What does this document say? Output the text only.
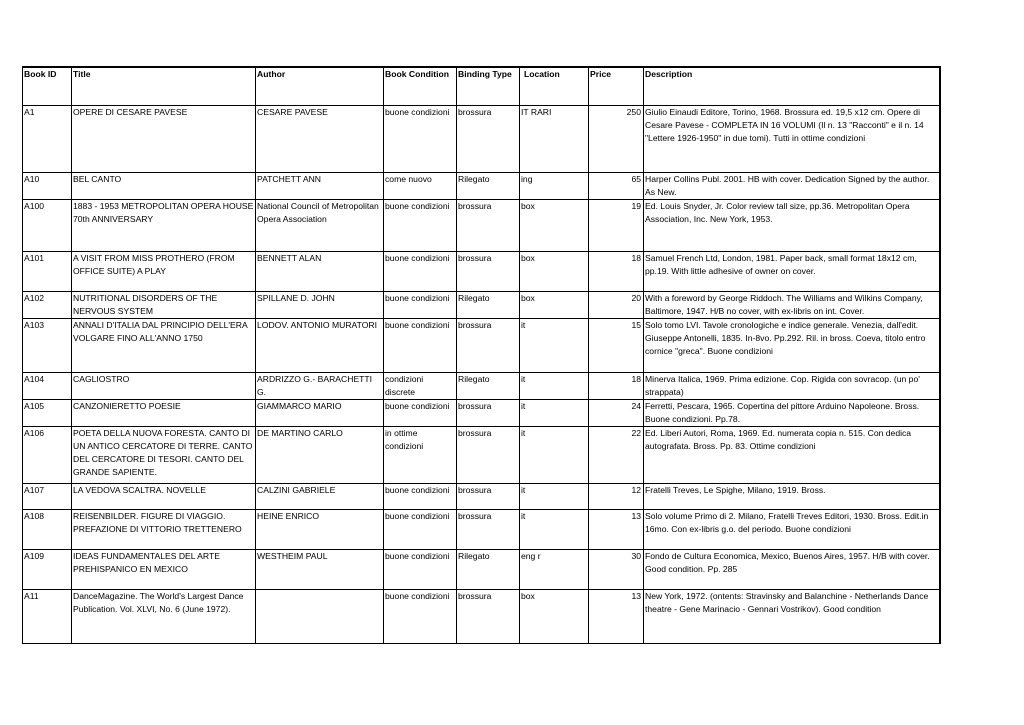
Book ID	Title	Author	Book Condition	Binding Type	Location	Price	Description
A1	OPERE DI CESARE PAVESE	CESARE PAVESE	buone condizioni	brossura	IT RARI	250	Giulio Einaudi Editore, Torino, 1968. Brossura ed. 19,5 x12 cm. Opere di Cesare Pavese - COMPLETA IN 16 VOLUMI (Il n. 13 "Racconti" e il n. 14 "Lettere 1926-1950" in due tomi). Tutti in ottime condizioni
A10	BEL CANTO	PATCHETT ANN	come nuovo	Rilegato	ing	65	Harper Collins Publ. 2001. HB with cover. Dedication Signed by the author. As New.
A100	1883 - 1953 METROPOLITAN OPERA HOUSE 70th ANNIVERSARY	National Council of Metropolitan Opera Association	buone condizioni	brossura	box	19	Ed. Louis Snyder, Jr. Color review tall size, pp.36. Metropolitan Opera Association, Inc. New York, 1953.
A101	A VISIT FROM MISS PROTHERO (FROM OFFICE SUITE) A PLAY	BENNETT ALAN	buone condizioni	brossura	box	18	Samuel French Ltd, London, 1981. Paper back, small format 18x12 cm, pp.19. With little adhesive of owner on cover.
A102	NUTRITIONAL DISORDERS OF THE NERVOUS SYSTEM	SPILLANE D. JOHN	buone condizioni	Rilegato	box	20	With a foreword by George Riddoch. The Williams and Wilkins Company, Baltimore, 1947. H/B no cover, with ex-libris on int. Cover.
A103	ANNALI D'ITALIA DAL PRINCIPIO DELL'ERA VOLGARE FINO ALL'ANNO 1750	LODOV. ANTONIO MURATORI	buone condizioni	brossura	it	15	Solo tomo LVI. Tavole cronologiche e indice generale. Venezia, dall'edit. Giuseppe Antonelli, 1835. In-8vo. Pp.292. Ril. in bross. Coeva, titolo entro cornice "greca". Buone condizioni
A104	CAGLIOSTRO	ARDRIZZO G.- BARACHETTI G.	condizioni discrete	Rilegato	it	18	Minerva Italica, 1969. Prima edizione. Cop. Rigida con sovracop. (un po' strappata)
A105	CANZONIERETTO POESIE	GIAMMARCO MARIO	buone condizioni	brossura	it	24	Ferretti, Pescara, 1965. Copertina del pittore Arduino Napoleone. Bross. Buone condizioni. Pp.78.
A106	POETA DELLA NUOVA FORESTA. CANTO DI UN ANTICO CERCATORE DI TERRE. CANTO DEL CERCATORE DI TESORI. CANTO DEL GRANDE SAPIENTE.	DE MARTINO CARLO	in ottime condizioni	brossura	it	22	Ed. Liberi Autori, Roma, 1969. Ed. numerata copia n. 515. Con dedica autografata. Bross. Pp. 83. Ottime condizioni
A107	LA VEDOVA SCALTRA. NOVELLE	CALZINI GABRIELE	buone condizioni	brossura	it	12	Fratelli Treves, Le Spighe, Milano, 1919. Bross.
A108	REISENBILDER. FIGURE DI VIAGGIO. PREFAZIONE DI VITTORIO TRETTENERO	HEINE ENRICO	buone condizioni	brossura	it	13	Solo volume Primo di 2. Milano, Fratelli Treves Editori, 1930. Bross. Edit.in 16mo. Con ex-libris g.o. del periodo. Buone condizioni
A109	IDEAS FUNDAMENTALES DEL ARTE PREHISPANICO EN MEXICO	WESTHEIM PAUL	buone condizioni	Rilegato	eng r	30	Fondo de Cultura Economica, Mexico, Buenos Aires, 1957. H/B with cover. Good condition. Pp. 285
A11	DanceMagazine. The World's Largest Dance Publication. Vol. XLVI, No. 6 (June 1972).		buone condizioni	brossura	box	13	New York, 1972. (ontents: Stravinsky and Balanchine - Netherlands Dance theatre - Gene Marinacio - Gennari Vostrikov). Good condition
